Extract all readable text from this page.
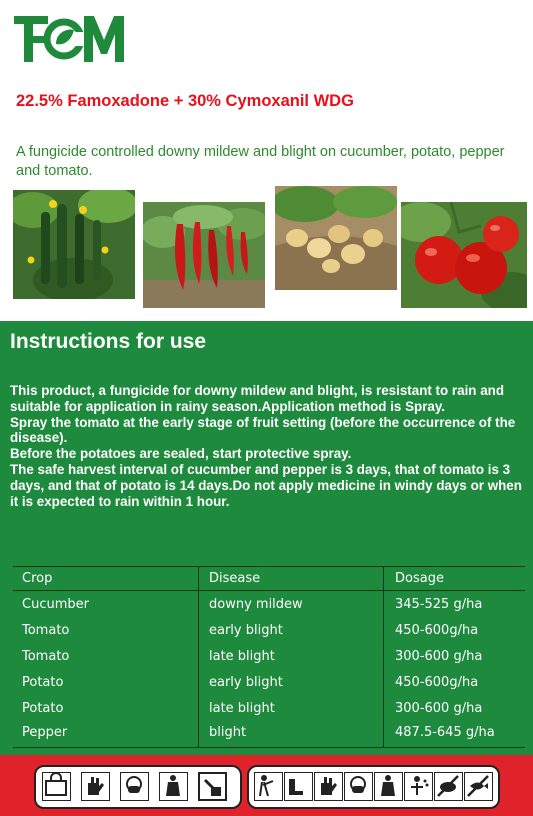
22.5% Famoxadone + 30% Cymoxanil WDG
A fungicide controlled downy mildew and blight on cucumber, potato, pepper and tomato.
Instructions for use

This product, a fungicide for downy mildew and blight, is resistant to rain and suitable for application in rainy season.Application method is Spray.

Spray the tomato at the early stage of fruit setting (before the occurrence of the disease).

Before the potatoes are sealed, start protective spray.

The safe harvest interval of cucumber and pepper is 3 days, that of tomato is 3 days, and that of potato is 14 days.Do not apply medicine in windy days or when it is expected to rain within 1 hour.

Crop	Disease	Dosage
Cucumber	downy mildew	345-525 g/ha
Tomato	early blight	450-600g/ha
Tomato	late blight	300-600 g/ha
Potato	early blight	450-600g/ha
Potato	late blight	300-600 g/ha
Pepper	blight	487.5-645 g/ha
